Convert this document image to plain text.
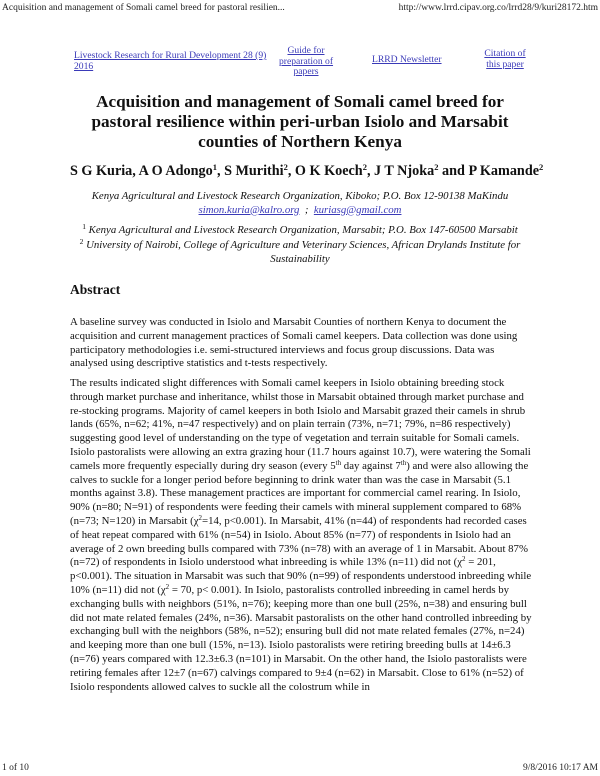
Acquisition and management of Somali camel breed for pastoral resilien...	http://www.lrrd.cipav.org.co/lrrd28/9/kuri28172.htm
Livestock Research for Rural Development 28 (9) 2016
Guide for preparation of papers
LRRD Newsletter
Citation of this paper
Acquisition and management of Somali camel breed for pastoral resilience within peri-urban Isiolo and Marsabit counties of Northern Kenya
S G Kuria, A O Adongo$^1$, S Murithi$^2$, O K Koech$^2$, J T Njoka$^2$ and P Kamande$^2$
Kenya Agricultural and Livestock Research Organization, Kiboko; P.O. Box 12-90138 MaKindu
simon.kuria@kalro.org ; kuriasg@gmail.com
$^1$ Kenya Agricultural and Livestock Research Organization, Marsabit; P.O. Box 147-60500 Marsabit
$^2$ University of Nairobi, College of Agriculture and Veterinary Sciences, African Drylands Institute for Sustainability
Abstract

A baseline survey was conducted in Isiolo and Marsabit Counties of northern Kenya to document the acquisition and current management practices of Somali camel keepers. Data collection was done using participatory methodologies i.e. semi-structured interviews and focus group discussions. Data was analysed using descriptive statistics and t-tests respectively.

The results indicated slight differences with Somali camel keepers in Isiolo obtaining breeding stock through market purchase and inheritance, whilst those in Marsabit obtained through market purchase and re-stocking programs. Majority of camel keepers in both Isiolo and Marsabit grazed their camels in shrub lands (65%, n=62; 41%, n=47 respectively) and on plain terrain (73%, n=71; 79%, n=86 respectively) suggesting good level of understanding on the type of vegetation and terrain suitable for Somali camels. Isiolo pastoralists were allowing an extra grazing hour (11.7 hours against 10.7), were watering the Somali camels more frequently especially during dry season (every 5th day against 7th) and were also allowing the calves to suckle for a longer period before beginning to drink water than was the case in Marsabit (5.1 months against 3.8). These management practices are important for commercial camel rearing. In Isiolo, 90% (n=80; N=91) of respondents were feeding their camels with mineral supplement compared to 68% (n=73; N=120) in Marsabit ($\chi^2=14$, p<0.001). In Marsabit, 41% (n=44) of respondents had recorded cases of heat repeat compared with 61% (n=54) in Isiolo. About 85% (n=77) of respondents in Isiolo had an average of 2 own breeding bulls compared with 73% (n=78) with an average of 1 in Marsabit. About 87% (n=72) of respondents in Isiolo understood what inbreeding is while 13% (n=11) did not ($\chi^2 = 201$, p<0.001). The situation in Marsabit was such that 90% (n=99) of respondents understood inbreeding while 10% (n=11) did not ($\chi^2 = 70$, p< 0.001). In Isiolo, pastoralists controlled inbreeding in camel herds by exchanging bulls with neighbors (51%, n=76); keeping more than one bull (25%, n=38) and ensuring bull did not mate related females (24%, n=36). Marsabit pastoralists on the other hand controlled inbreeding by exchanging bull with the neighbors (58%, n=52); ensuring bull did not mate related females (27%, n=24) and keeping more than one bull (15%, n=13). Isiolo pastoralists were retiring breeding bulls at 14±6.3 (n=76) years compared with 12.3±6.3 (n=101) in Marsabit. On the other hand, the Isiolo pastoralists were retiring females after 12±7 (n=67) calvings compared to 9±4 (n=62) in Marsabit. Close to 61% (n=52) of Isiolo respondents allowed calves to suckle all the colostrum while in

1 of 10	9/8/2016 10:17 AM
